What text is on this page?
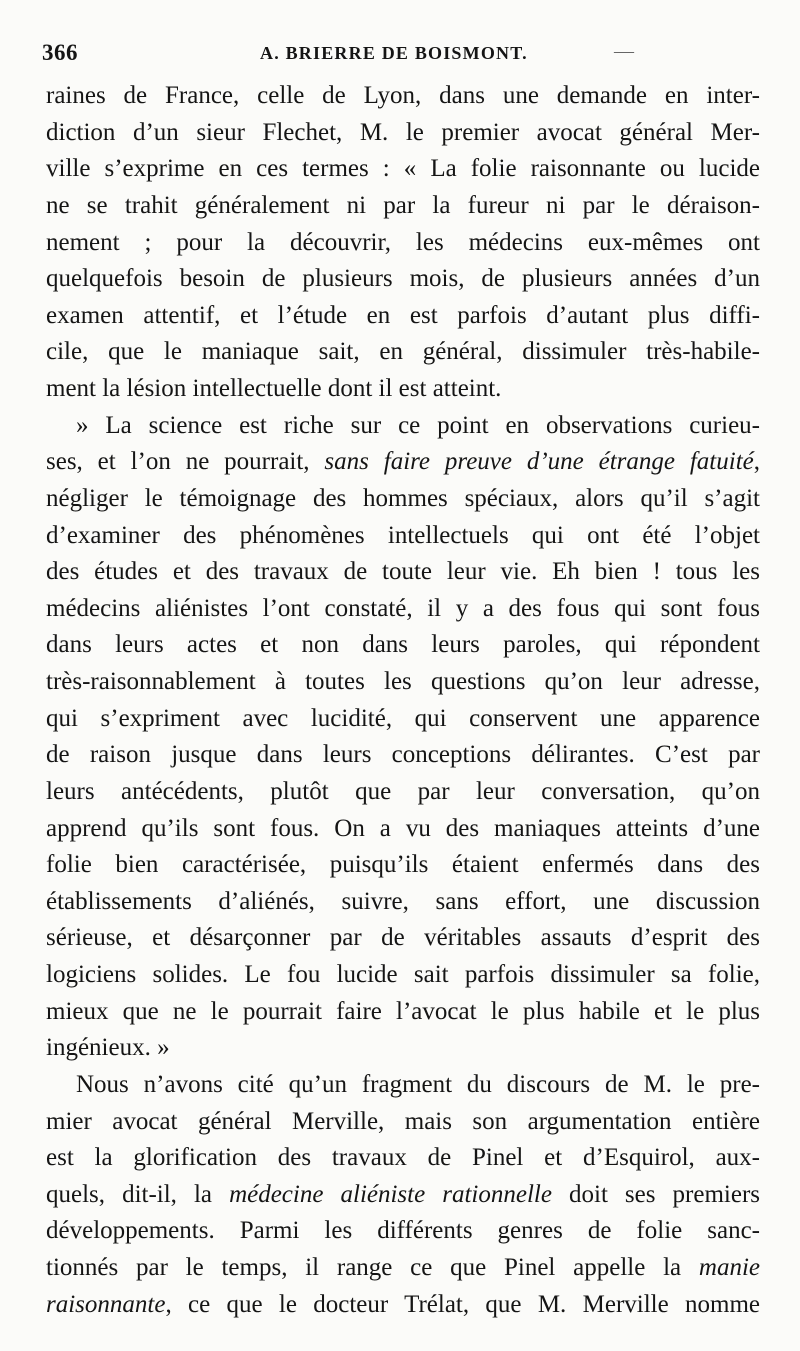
366	A. BRIERRE DE BOISMONT.	—
raines de France, celle de Lyon, dans une demande en inter-
diction d’un sieur Flechet, M. le premier avocat général Mer-
ville s’exprime en ces termes : « La folie raisonnante ou lucide
ne se trahit généralement ni par la fureur ni par le déraison-
nement ; pour la découvrir, les médecins eux-mêmes ont
quelquefois besoin de plusieurs mois, de plusieurs années d’un
examen attentif, et l’étude en est parfois d’autant plus diffi-
cile, que le maniaque sait, en général, dissimuler très-habile-
ment la lésion intellectuelle dont il est atteint.
» La science est riche sur ce point en observations curieu-
ses, et l’on ne pourrait, sans faire preuve d’une étrange fatuité,
négliger le témoignage des hommes spéciaux, alors qu’il s’agit
d’examiner des phénomènes intellectuels qui ont été l’objet
des études et des travaux de toute leur vie. Eh bien ! tous les
médecins aliénistes l’ont constaté, il y a des fous qui sont fous
dans leurs actes et non dans leurs paroles, qui répondent
très-raisonnablement à toutes les questions qu’on leur adresse,
qui s’expriment avec lucidité, qui conservent une apparence
de raison jusque dans leurs conceptions délirantes. C’est par
leurs antécédents, plutôt que par leur conversation, qu’on
apprend qu’ils sont fous. On a vu des maniaques atteints d’une
folie bien caractérisée, puisqu’ils étaient enfermés dans des
établissements d’aliénés, suivre, sans effort, une discussion
sérieuse, et désarçonner par de véritables assauts d’esprit des
logiciens solides. Le fou lucide sait parfois dissimuler sa folie,
mieux que ne le pourrait faire l’avocat le plus habile et le plus
ingénieux. »
Nous n’avons cité qu’un fragment du discours de M. le pre-
mier avocat général Merville, mais son argumentation entière
est la glorification des travaux de Pinel et d’Esquirol, aux-
quels, dit-il, la médecine aliéniste rationnelle doit ses premiers
développements. Parmi les différents genres de folie sanc-
tionnés par le temps, il range ce que Pinel appelle la manie
raisonnante, ce que le docteur Trélat, que M. Merville nomme
